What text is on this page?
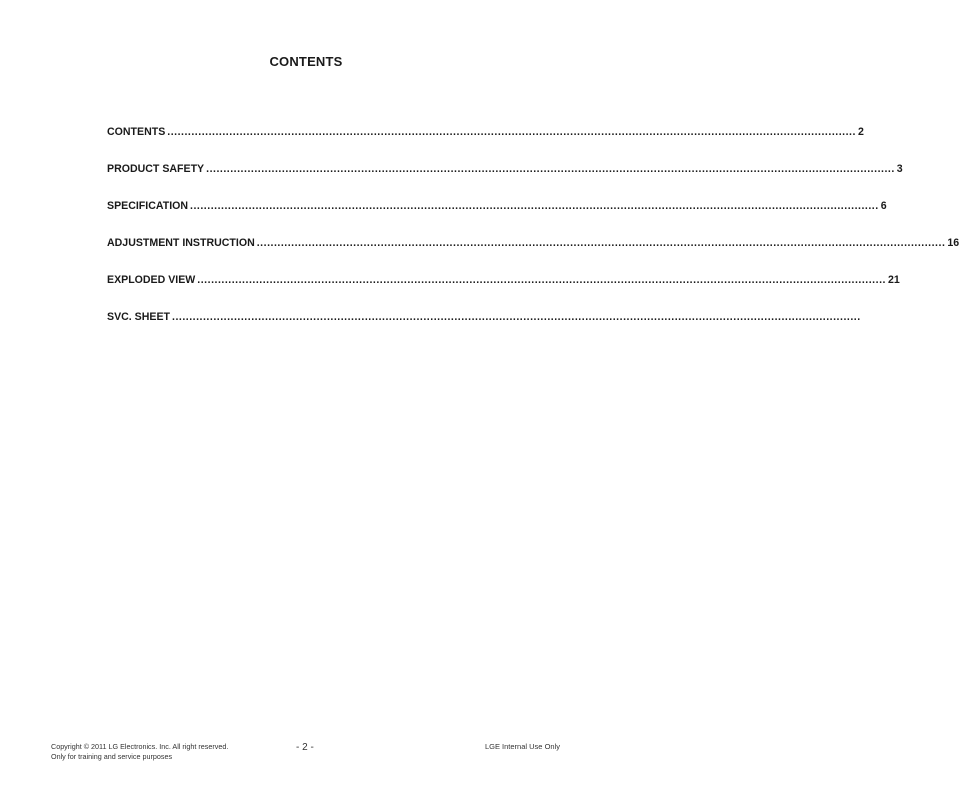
CONTENTS
CONTENTS ........................................................................................................................................................................................................ 2
PRODUCT SAFETY ........................................................................................................................................................................................................ 3
SPECIFICATION ........................................................................................................................................................................................................ 6
ADJUSTMENT INSTRUCTION ........................................................................................................................................................................................................ 16
EXPLODED VIEW ........................................................................................................................................................................................................ 21
SVC. SHEET ........................................................................................................................................................................................................
Copyright © 2011 LG Electronics. Inc. All right reserved.
Only for training and service purposes
- 2 -	LGE Internal Use Only
